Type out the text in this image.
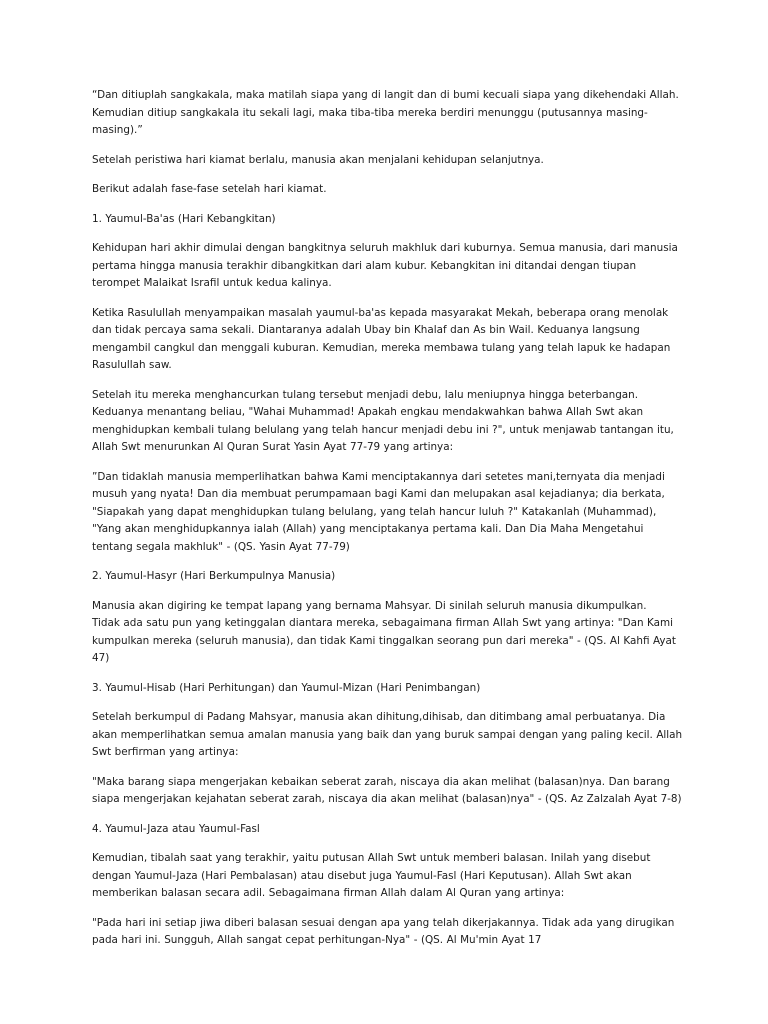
“Dan ditiuplah sangkakala, maka matilah siapa yang di langit dan di bumi kecuali siapa yang dikehendaki Allah.
Kemudian ditiup sangkakala itu sekali lagi, maka tiba-tiba mereka berdiri menunggu (putusannya masing-
masing).”

Setelah peristiwa hari kiamat berlalu, manusia akan menjalani kehidupan selanjutnya.

Berikut adalah fase-fase setelah hari kiamat.

1. Yaumul-Ba'as (Hari Kebangkitan)

Kehidupan hari akhir dimulai dengan bangkitnya seluruh makhluk dari kuburnya. Semua manusia, dari manusia
pertama hingga manusia terakhir dibangkitkan dari alam kubur. Kebangkitan ini ditandai dengan tiupan
terompet Malaikat Israfil untuk kedua kalinya.

Ketika Rasulullah menyampaikan masalah yaumul-ba'as kepada masyarakat Mekah, beberapa orang menolak
dan tidak percaya sama sekali. Diantaranya adalah Ubay bin Khalaf dan As bin Wail. Keduanya langsung
mengambil cangkul dan menggali kuburan. Kemudian, mereka membawa tulang yang telah lapuk ke hadapan
Rasulullah saw.

Setelah itu mereka menghancurkan tulang tersebut menjadi debu, lalu meniupnya hingga beterbangan.
Keduanya menantang beliau, "Wahai Muhammad! Apakah engkau mendakwahkan bahwa Allah Swt akan
menghidupkan kembali tulang belulang yang telah hancur menjadi debu ini ?", untuk menjawab tantangan itu,
Allah Swt menurunkan Al Quran Surat Yasin Ayat 77-79 yang artinya:

”Dan tidaklah manusia memperlihatkan bahwa Kami menciptakannya dari setetes mani,ternyata dia menjadi
musuh yang nyata! Dan dia membuat perumpamaan bagi Kami dan melupakan asal kejadianya; dia berkata,
"Siapakah yang dapat menghidupkan tulang belulang, yang telah hancur luluh ?" Katakanlah (Muhammad),
"Yang akan menghidupkannya ialah (Allah) yang menciptakanya pertama kali. Dan Dia Maha Mengetahui
tentang segala makhluk" - (QS. Yasin Ayat 77-79)

2. Yaumul-Hasyr (Hari Berkumpulnya Manusia)

Manusia akan digiring ke tempat lapang yang bernama Mahsyar. Di sinilah seluruh manusia dikumpulkan.
Tidak ada satu pun yang ketinggalan diantara mereka, sebagaimana firman Allah Swt yang artinya: "Dan Kami
kumpulkan mereka (seluruh manusia), dan tidak Kami tinggalkan seorang pun dari mereka" - (QS. Al Kahfi Ayat
47)

3. Yaumul-Hisab (Hari Perhitungan) dan Yaumul-Mizan (Hari Penimbangan)

Setelah berkumpul di Padang Mahsyar, manusia akan dihitung,dihisab, dan ditimbang amal perbuatanya. Dia
akan memperlihatkan semua amalan manusia yang baik dan yang buruk sampai dengan yang paling kecil. Allah
Swt berfirman yang artinya:

"Maka barang siapa mengerjakan kebaikan seberat zarah, niscaya dia akan melihat (balasan)nya. Dan barang
siapa mengerjakan kejahatan seberat zarah, niscaya dia akan melihat (balasan)nya" - (QS. Az Zalzalah Ayat 7-8)

4. Yaumul-Jaza atau Yaumul-Fasl

Kemudian, tibalah saat yang terakhir, yaitu putusan Allah Swt untuk memberi balasan. Inilah yang disebut
dengan Yaumul-Jaza (Hari Pembalasan) atau disebut juga Yaumul-Fasl (Hari Keputusan). Allah Swt akan
memberikan balasan secara adil. Sebagaimana firman Allah dalam Al Quran yang artinya:

"Pada hari ini setiap jiwa diberi balasan sesuai dengan apa yang telah dikerjakannya. Tidak ada yang dirugikan
pada hari ini. Sungguh, Allah sangat cepat perhitungan-Nya" - (QS. Al Mu'min Ayat 17
